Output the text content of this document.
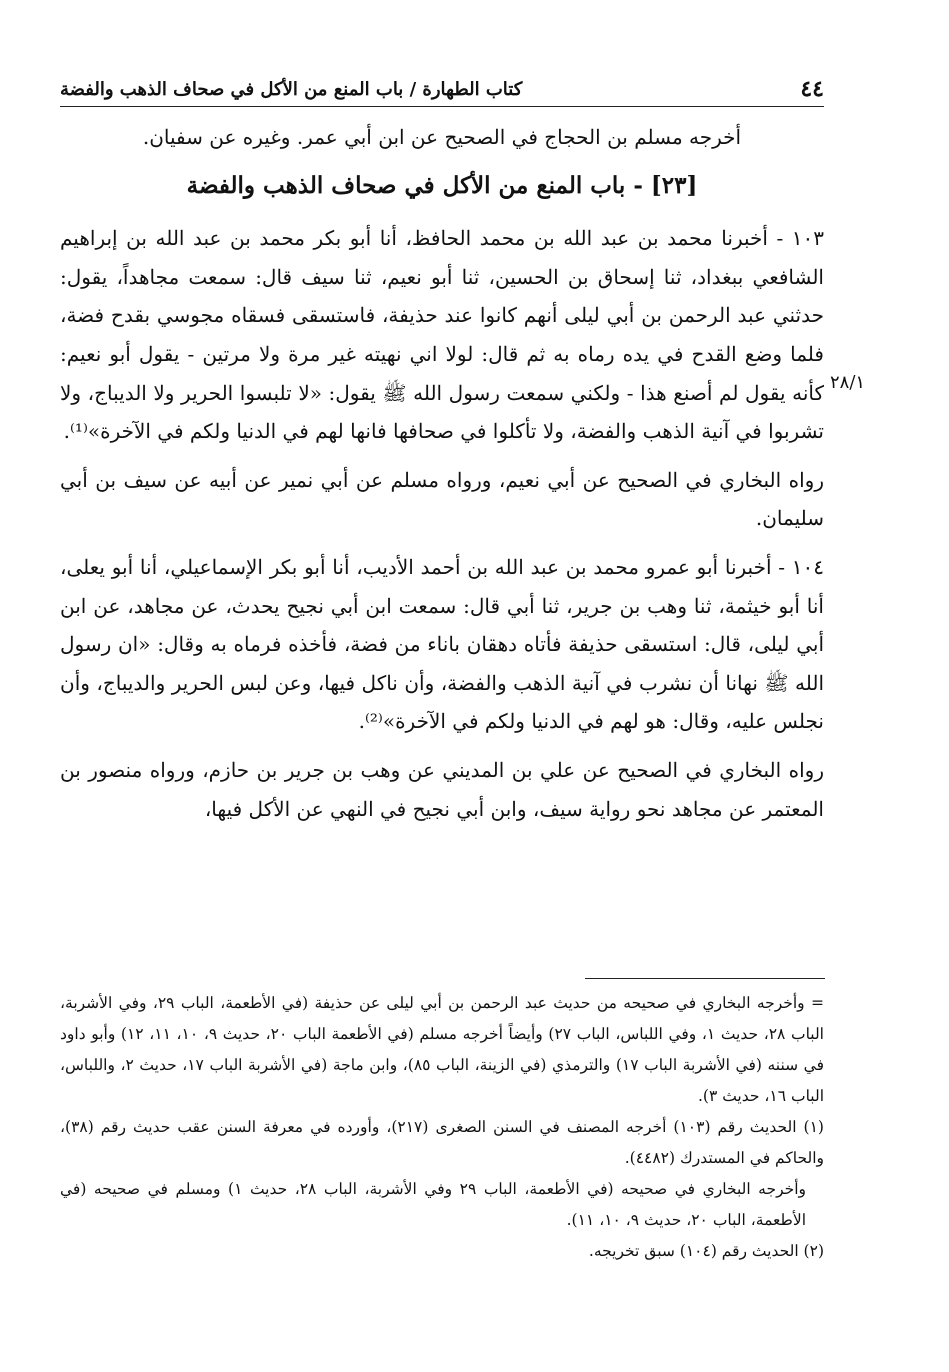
٤٤
كتاب الطهارة / باب المنع من الأكل في صحاف الذهب والفضة

أخرجه مسلم بن الحجاج في الصحيح عن ابن أبي عمر. وغيره عن سفيان.

[٢٣] - باب المنع من الأكل في صحاف الذهب والفضة

١٠٣ - أخبرنا محمد بن عبد الله بن محمد الحافظ، أنا أبو بكر محمد بن عبد الله بن إبراهيم الشافعي ببغداد، ثنا إسحاق بن الحسين، ثنا أبو نعيم، ثنا سيف قال: سمعت مجاهداً، يقول: حدثني عبد الرحمن بن أبي ليلى أنهم كانوا عند حذيفة، فاستسقى فسقاه مجوسي بقدح فضة، فلما وضع القدح في يده رماه به ثم قال: لولا اني نهيته غير مرة ولا مرتين - يقول أبو نعيم: كأنه يقول لم أصنع هذا - ولكني سمعت رسول الله ﷺ يقول: «لا تلبسوا الحرير ولا الديباج، ولا تشربوا في آنية الذهب والفضة، ولا تأكلوا في صحافها فانها لهم في الدنيا ولكم في الآخرة»⁽¹⁾.

رواه البخاري في الصحيح عن أبي نعيم، ورواه مسلم عن أبي نمير عن أبيه عن سيف بن أبي سليمان.

١٠٤ - أخبرنا أبو عمرو محمد بن عبد الله بن أحمد الأديب، أنا أبو بكر الإسماعيلي، أنا أبو يعلى، أنا أبو خيثمة، ثنا وهب بن جرير، ثنا أبي قال: سمعت ابن أبي نجيح يحدث، عن مجاهد، عن ابن أبي ليلى، قال: استسقى حذيفة فأتاه دهقان باناء من فضة، فأخذه فرماه به وقال: «ان رسول الله ﷺ نهانا أن نشرب في آنية الذهب والفضة، وأن ناكل فيها، وعن لبس الحرير والديباج، وأن نجلس عليه، وقال: هو لهم في الدنيا ولكم في الآخرة»⁽²⁾.

رواه البخاري في الصحيح عن علي بن المديني عن وهب بن جرير بن حازم، ورواه منصور بن المعتمر عن مجاهد نحو رواية سيف، وابن أبي نجيح في النهي عن الأكل فيها،

٢٨/١

= وأخرجه البخاري في صحيحه من حديث عبد الرحمن بن أبي ليلى عن حذيفة (في الأطعمة، الباب ٢٩، وفي الأشربة، الباب ٢٨، حديث ١، وفي اللباس، الباب ٢٧) وأيضاً أخرجه مسلم (في الأطعمة الباب ٢٠، حديث ٩، ١٠، ١١، ١٢) وأبو داود في سننه (في الأشربة الباب ١٧) والترمذي (في الزينة، الباب ٨٥)، وابن ماجة (في الأشربة الباب ١٧، حديث ٢، واللباس، الباب ١٦، حديث ٣).

(١) الحديث رقم (١٠٣) أخرجه المصنف في السنن الصغرى (٢١٧)، وأورده في معرفة السنن عقب حديث رقم (٣٨)، والحاكم في المستدرك (٤٤٨٢).

وأخرجه البخاري في صحيحه (في الأطعمة، الباب ٢٩ وفي الأشربة، الباب ٢٨، حديث ١) ومسلم في صحيحه (في الأطعمة، الباب ٢٠، حديث ٩، ١٠، ١١).

(٢) الحديث رقم (١٠٤) سبق تخريجه.
